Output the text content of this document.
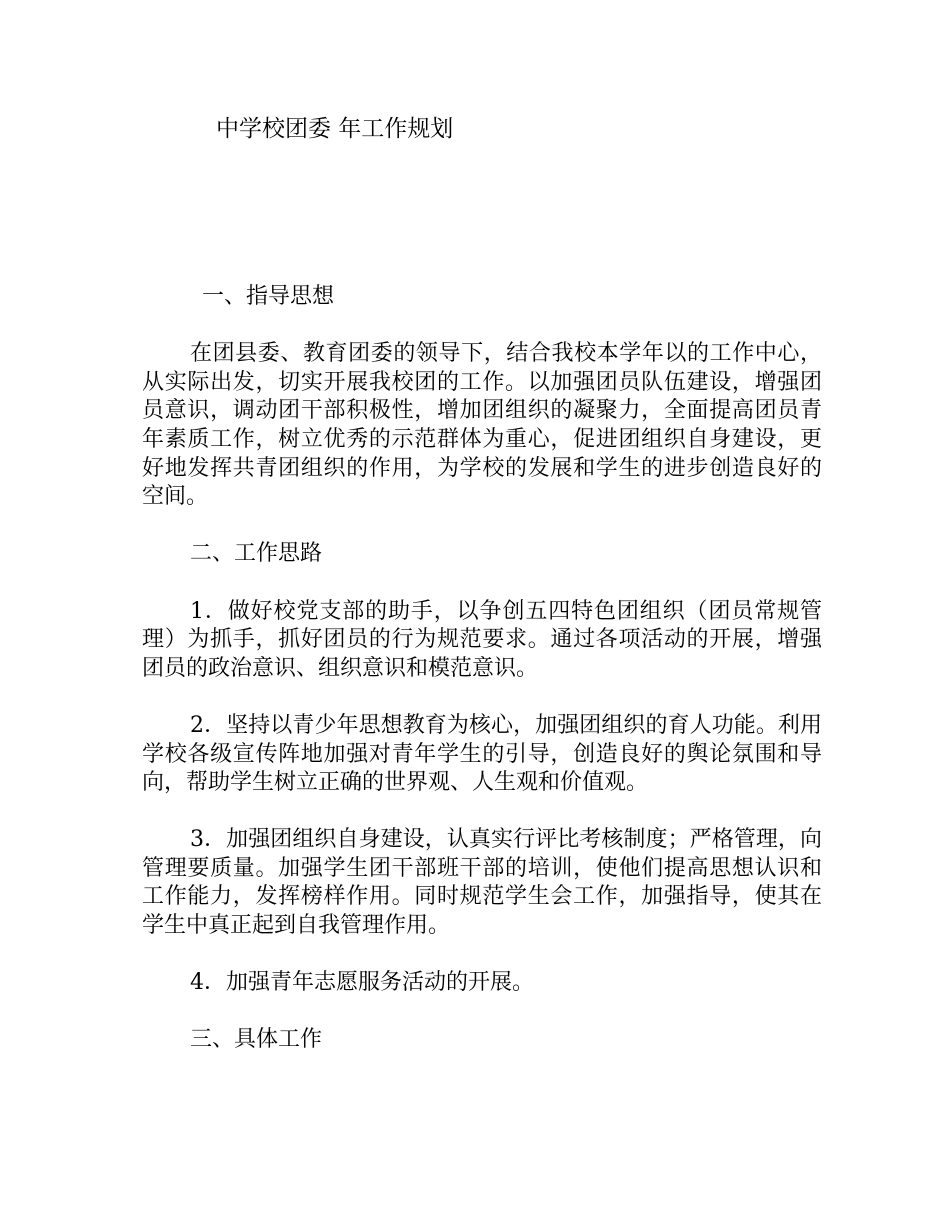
中学校团委 年工作规划
一、指导思想

在团县委、教育团委的领导下，结合我校本学年以的工作中心，从实际出发，切实开展我校团的工作。以加强团员队伍建设，增强团员意识，调动团干部积极性，增加团组织的凝聚力，全面提高团员青年素质工作，树立优秀的示范群体为重心，促进团组织自身建设，更好地发挥共青团组织的作用，为学校的发展和学生的进步创造良好的空间。

二、工作思路

1．做好校党支部的助手，以争创五四特色团组织（团员常规管理）为抓手，抓好团员的行为规范要求。通过各项活动的开展，增强团员的政治意识、组织意识和模范意识。

2．坚持以青少年思想教育为核心，加强团组织的育人功能。利用学校各级宣传阵地加强对青年学生的引导，创造良好的舆论氛围和导向，帮助学生树立正确的世界观、人生观和价值观。

3．加强团组织自身建设，认真实行评比考核制度；严格管理，向管理要质量。加强学生团干部班干部的培训，使他们提高思想认识和工作能力，发挥榜样作用。同时规范学生会工作，加强指导，使其在学生中真正起到自我管理作用。

4．加强青年志愿服务活动的开展。

三、具体工作
